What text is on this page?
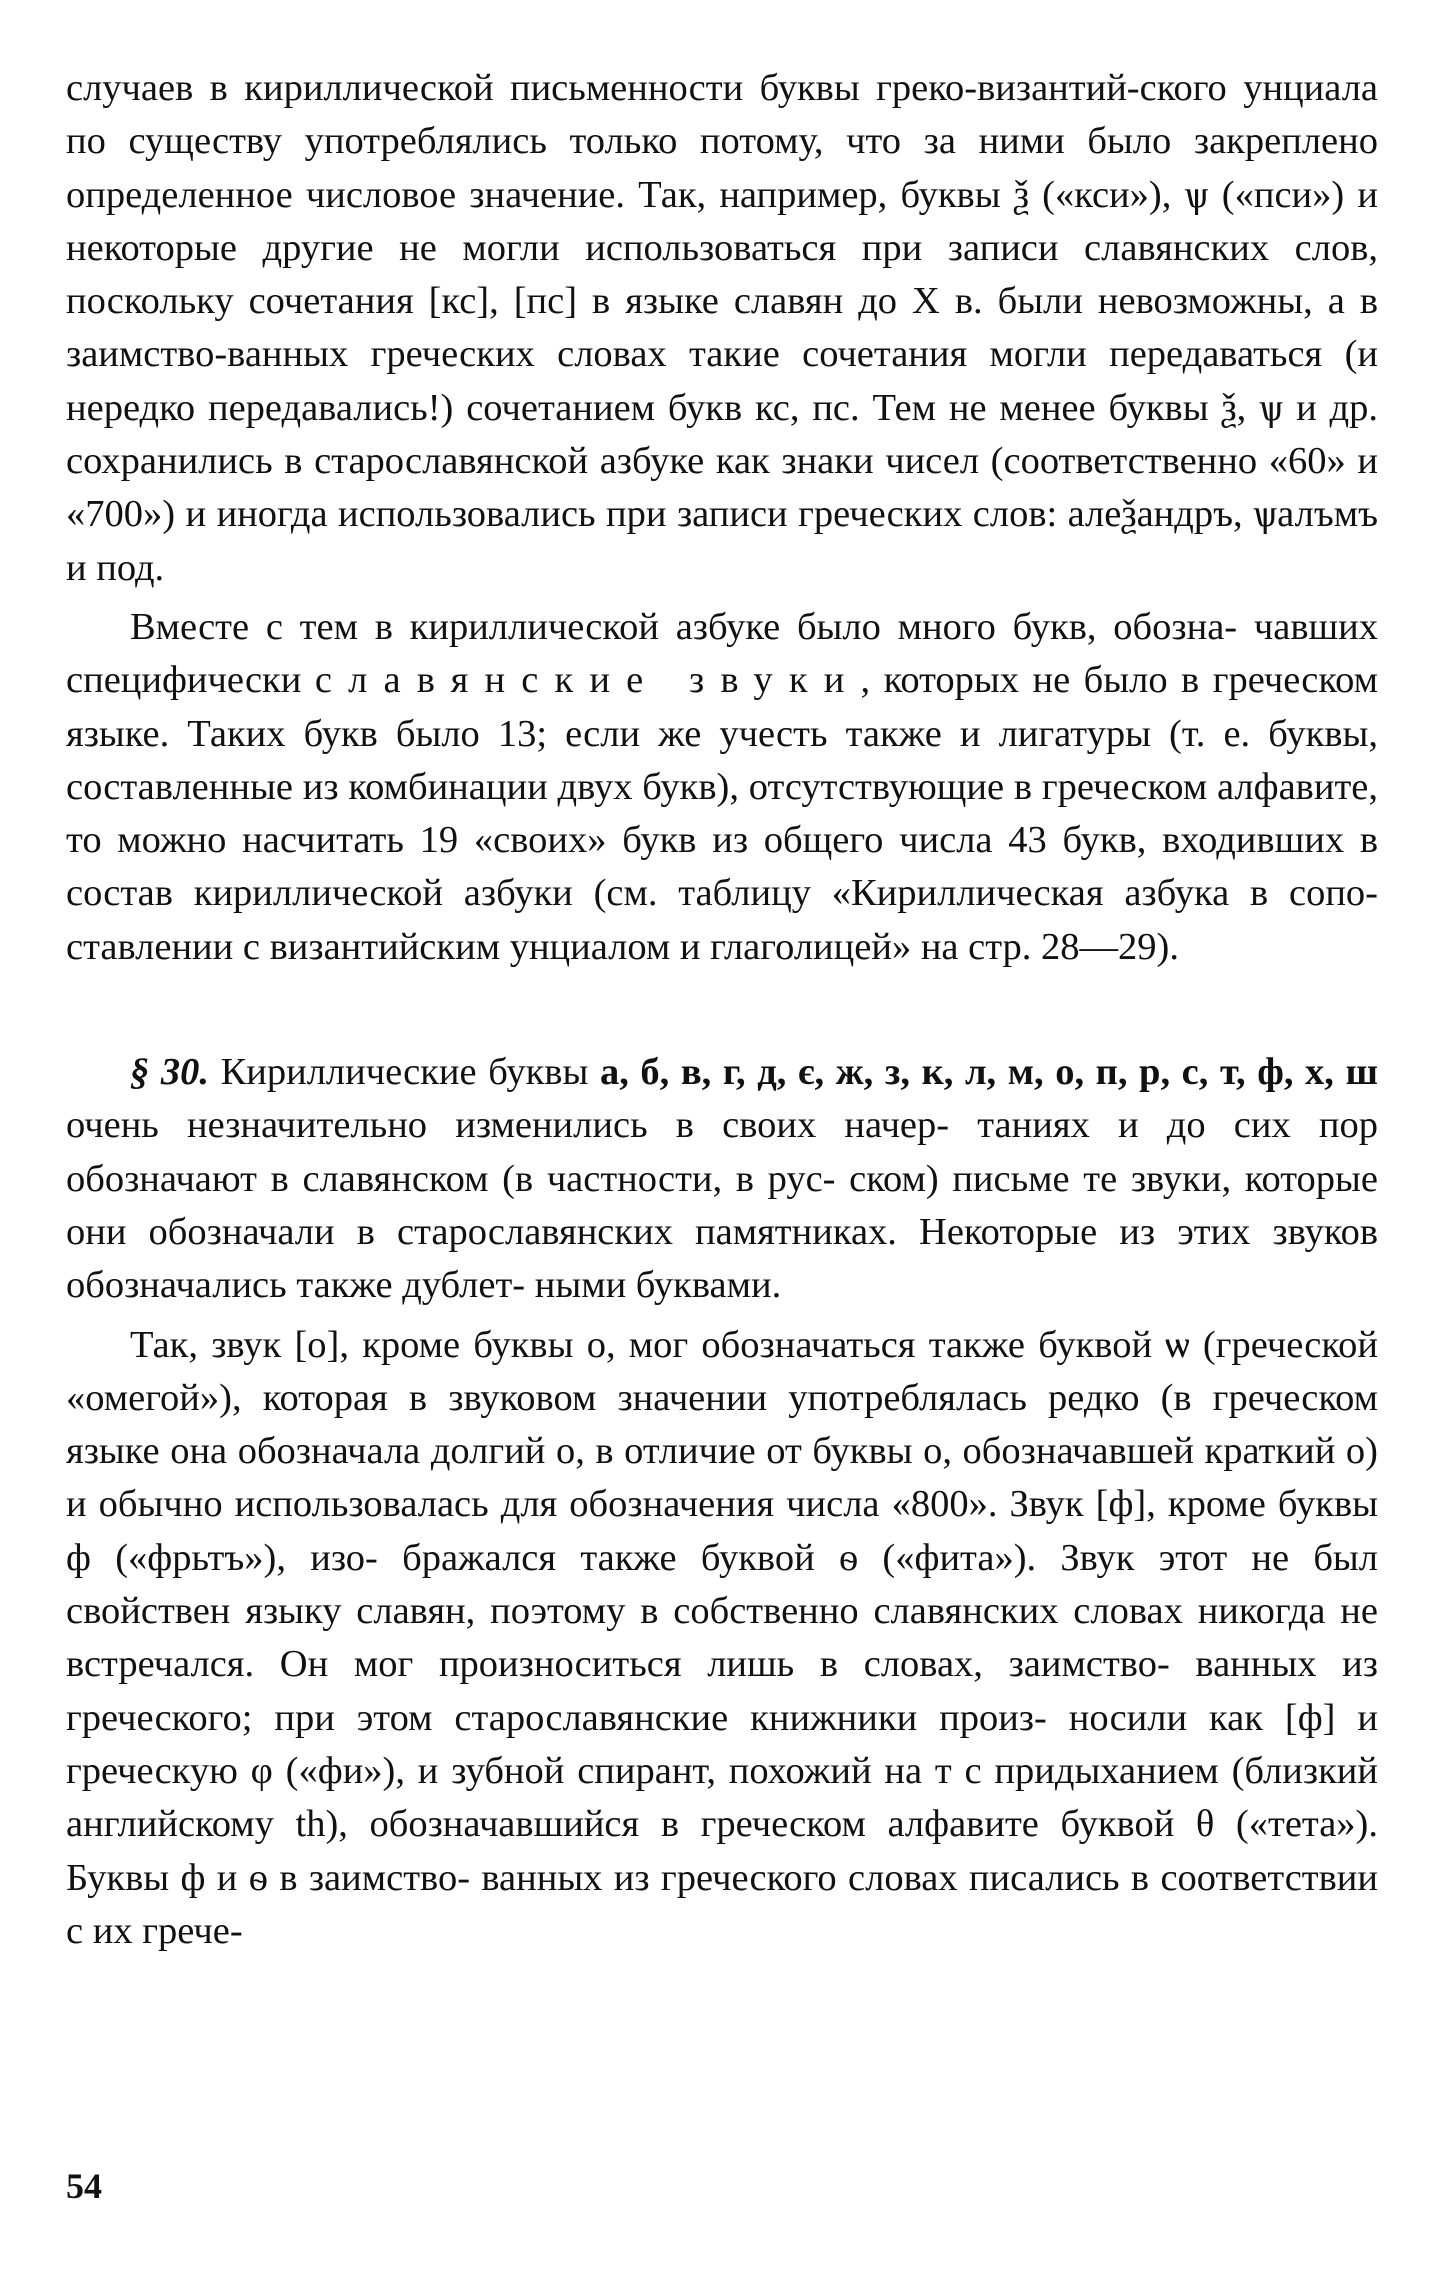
случаев в кириллической письменности буквы греко-византий-ского унциала по существу употреблялись только потому, что за ними было закреплено определенное числовое значение. Так, например, буквы ѯ («кси»), ѱ («пси») и некоторые другие не могли использоваться при записи славянских слов, поскольку сочетания [кс], [пс] в языке славян до X в. были невозможны, а в заимство-ванных греческих словах такие сочетания могли передаваться (и нередко передавались!) сочетанием букв кс, пс. Тем не менее буквы ѯ, ѱ и др. сохранились в старославянской азбуке как знаки чисел (соответственно «60» и «700») и иногда использовались при записи греческих слов: алеѯандръ, ѱалъмъ и под.

Вместе с тем в кириллической азбуке было много букв, обозна- чавших специфически славянские звуки, которых не было в греческом языке. Таких букв было 13; если же учесть также и лигатуры (т. е. буквы, составленные из комбинации двух букв), отсутствующие в греческом алфавите, то можно насчитать 19 «своих» букв из общего числа 43 букв, входивших в состав кириллической азбуки (см. таблицу «Кириллическая азбука в сопо- ставлении с византийским унциалом и глаголицей» на стр. 28—29).

§ 30. Кириллические буквы а, б, в, г, д, є, ж, з, к, л, м, о, п, р, с, т, ф, х, ш очень незначительно изменились в своих начер- таниях и до сих пор обозначают в славянском (в частности, в рус- ском) письме те звуки, которые они обозначали в старославянских памятниках. Некоторые из этих звуков обозначались также дублет- ными буквами.

Так, звук [о], кроме буквы о, мог обозначаться также буквой ѡ (греческой «омегой»), которая в звуковом значении употреблялась редко (в греческом языке она обозначала долгий о, в отличие от буквы о, обозначавшей краткий о) и обычно использовалась для обозначения числа «800». Звук [ф], кроме буквы ф («фрьтъ»), изо- бражался также буквой ѳ («фита»). Звук этот не был свойствен языку славян, поэтому в собственно славянских словах никогда не встречался. Он мог произноситься лишь в словах, заимство- ванных из греческого; при этом старославянские книжники произ- носили как [ф] и греческую φ («фи»), и зубной спирант, похожий на т с придыханием (близкий английскому th), обозначавшийся в греческом алфавите буквой θ («тета»). Буквы ф и ѳ в заимство- ванных из греческого словах писались в соответствии с их грече-

54
